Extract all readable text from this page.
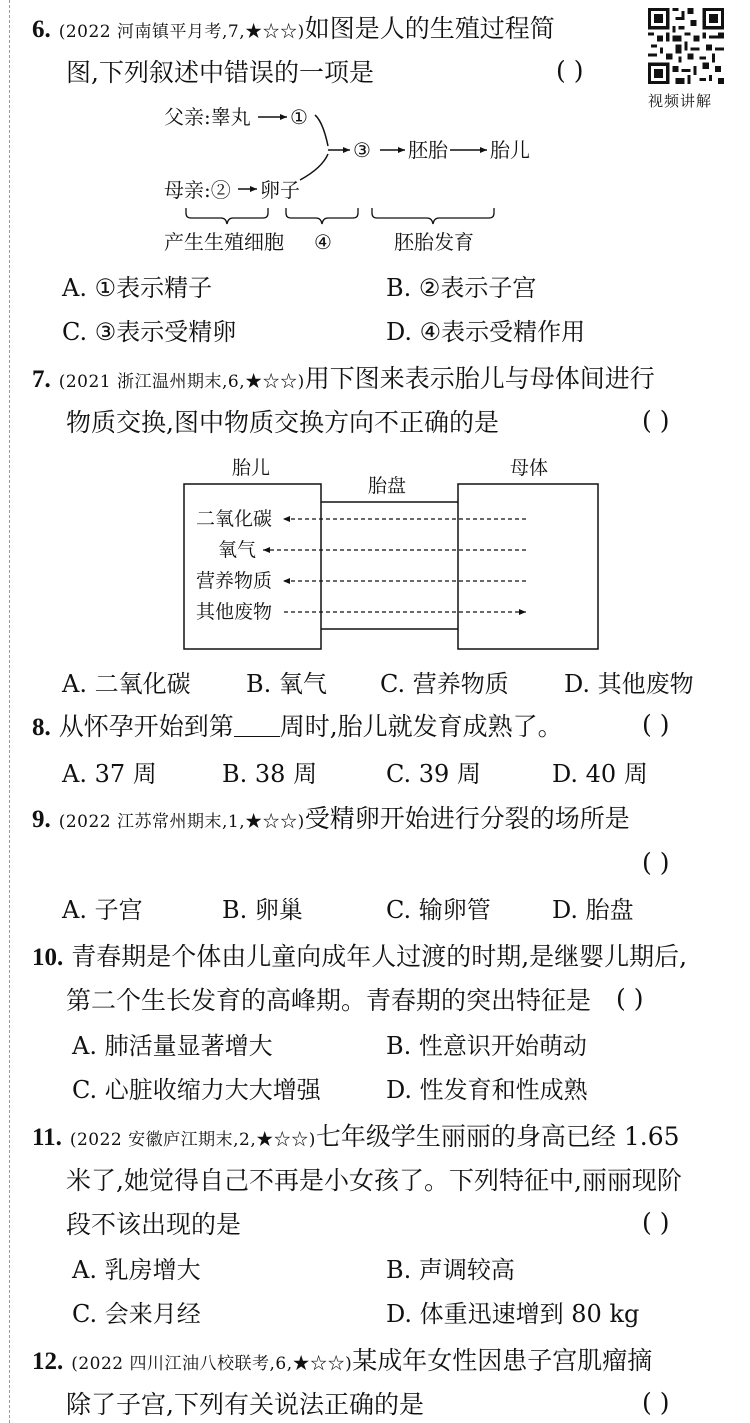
6. (2022 河南镇平月考,7,★☆☆)如图是人的生殖过程简
图,下列叙述中错误的一项是	( )
视频讲解
父亲:睾丸 ①
母亲:② 卵子
③ 胚胎 胎儿
产生生殖细胞 ④	胚胎发育
A. ①表示精子	B. ②表示子宫
C. ③表示受精卵	D. ④表示受精作用
7. (2021 浙江温州期末,6,★☆☆)用下图来表示胎儿与母体间进行
物质交换,图中物质交换方向不正确的是	( )
胎儿
胎盘
母体
二氧化碳
氧气
营养物质
其他废物
A. 二氧化碳 B. 氧气 C. 营养物质 D. 其他废物
8. 从怀孕开始到第 周时,胎儿就发育成熟了。	( )
A. 37 周	B. 38 周	C. 39 周	D. 40 周
9. (2022 江苏常州期末,1,★☆☆)受精卵开始进行分裂的场所是
( )
A. 子宫	B. 卵巢	C. 输卵管	D. 胎盘
10. 青春期是个体由儿童向成年人过渡的时期,是继婴儿期后,
第二个生长发育的高峰期。青春期的突出特征是 ( )
A. 肺活量显著增大	B. 性意识开始萌动
C. 心脏收缩力大大增强	D. 性发育和性成熟
11. (2022 安徽庐江期末,2,★☆☆)七年级学生丽丽的身高已经 1.65
米了,她觉得自己不再是小女孩了。下列特征中,丽丽现阶
段不该出现的是	( )
A. 乳房增大	B. 声调较高
C. 会来月经	D. 体重迅速增到 80 kg
12. (2022 四川江油八校联考,6,★☆☆)某成年女性因患子宫肌瘤摘
除了子宫,下列有关说法正确的是	( )
